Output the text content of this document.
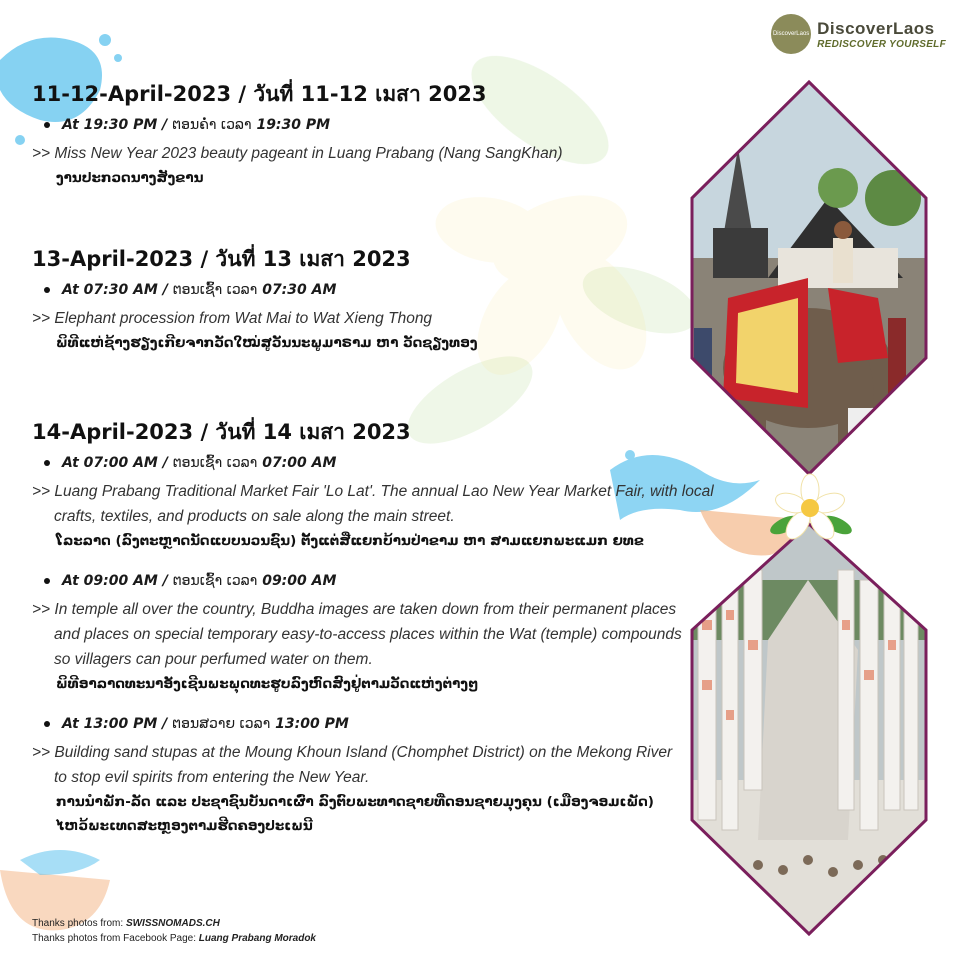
DiscoverLaos DiscoverLaos
REDISCOVER YOURSELF
11-12-April-2023 / วันที่ 11-12 เมสา 2023
At 19:30 PM /
ຕອນຄ່ຳ ເວລາ
19:30 PM
>> Miss New Year 2023 beauty pageant in Luang Prabang (Nang SangKhan)
ງານປະກວດນາງສັງຂານ
13-April-2023 / วันที่ 13 เมสา 2023
At 07:30 AM /
ຕອນເຊົ້າ ເວລາ
07:30 AM
>> Elephant procession from Wat Mai to Wat Xieng Thong
ພິທີແຫ່ຊ້າງຮຽງເກີຍຈາກວັດໃໝ່ສູວັນນະພູມາຣາມ ຫາ ວັດຊຽງທອງ
14-April-2023 / วันที่ 14 เมสา 2023
At 07:00 AM /
ຕອນເຊົ້າ ເວລາ
07:00 AM
>> Luang Prabang Traditional Market Fair 'Lo Lat'. The annual Lao New Year Market Fair, with local crafts, textiles, and products on sale along the main street.
ໂລະລາດ (ລົງຕະຫຼາດນັດແບບນວນຊົນ) ຕັ້ງແຕ່ສີ່ແຍກບ້ານປ່າຂາມ ຫາ ສາມແຍກພະແມກ ຍທຂ
At 09:00 AM /
ຕອນເຊົ້າ ເວລາ
09:00 AM
>> In temple all over the country, Buddha images are taken down from their permanent places and places on special temporary easy-to-access places within the Wat (temple) compounds so villagers can pour perfumed water on them.
ພິທີອາລາດທະນາອັງເຊີນພະພຸດທະຮູບລົງຫົດສົງຢູ່ຕາມວັດແຫ່ງຕ່າງໆ
At 13:00 PM /
ຕອນສວາຍ ເວລາ
13:00 PM
>> Building sand stupas at the Moung Khoun Island (Chomphet District) on the Mekong River to stop evil spirits from entering the New Year.
ການນຳພັກ-ລັດ ແລະ ປະຊາຊົນບັນດາເຜົ່າ ລົງຕົບພະທາດຊາຍທີ່ດອນຊາຍມຸງຄຸນ (ເມືອງຈອມເພັດ) ໄຫວ້ພະເທດສະຫຼອງຕາມຮີດຄອງປະເພນີ
Thanks photos from: SWISSNOMADS.CH
Thanks photos from Facebook Page: Luang Prabang Moradok
